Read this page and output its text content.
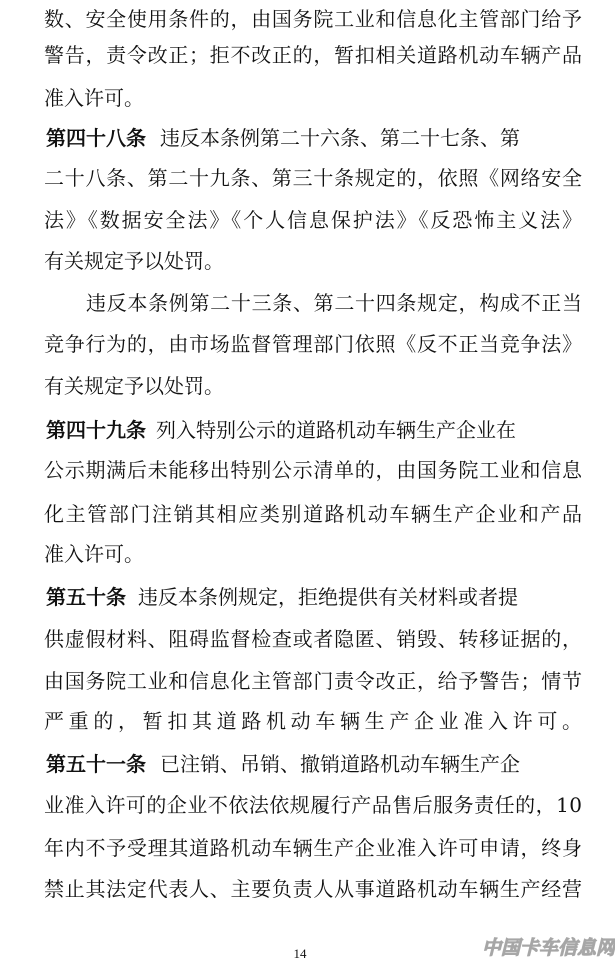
数、安全使用条件的，由国务院工业和信息化主管部门给予
警告，责令改正；拒不改正的，暂扣相关道路机动车辆产品
准入许可。
第四十八条 违反本条例第二十六条、第二十七条、第
二十八条、第二十九条、第三十条规定的，依照《网络安全
法》《数据安全法》《个人信息保护法》《反恐怖主义法》
有关规定予以处罚。
违反本条例第二十三条、第二十四条规定，构成不正当
竞争行为的，由市场监督管理部门依照《反不正当竞争法》
有关规定予以处罚。
第四十九条 列入特别公示的道路机动车辆生产企业在
公示期满后未能移出特别公示清单的，由国务院工业和信息
化主管部门注销其相应类别道路机动车辆生产企业和产品
准入许可。
第五十条 违反本条例规定，拒绝提供有关材料或者提
供虚假材料、阻碍监督检查或者隐匿、销毁、转移证据的，
由国务院工业和信息化主管部门责令改正，给予警告；情节
严重的，暂扣其道路机动车辆生产企业准入许可。
第五十一条 已注销、吊销、撤销道路机动车辆生产企
业准入许可的企业不依法依规履行产品售后服务责任的，10
年内不予受理其道路机动车辆生产企业准入许可申请，终身
禁止其法定代表人、主要负责人从事道路机动车辆生产经营
14	中国卡车信息网
